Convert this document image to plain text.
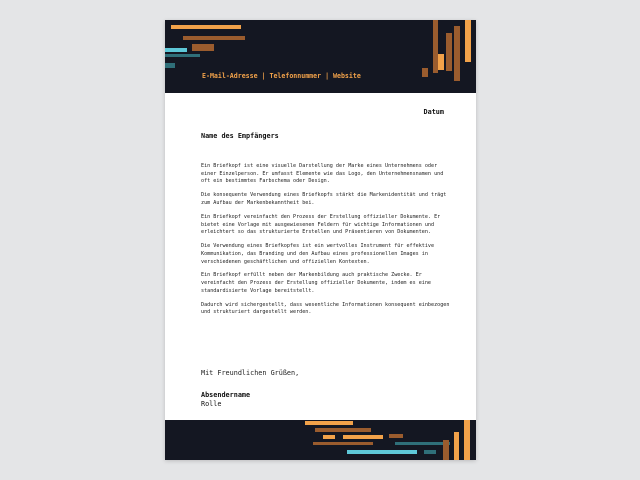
E-Mail-Adresse | Telefonnummer | Website
Datum
Name des Empfängers

Ein Briefkopf ist eine visuelle Darstellung der Marke eines Unternehmens oder einer Einzelperson. Er umfasst Elemente wie das Logo, den Unternehmensnamen und oft ein bestimmtes Farbschema oder Design.

Die konsequente Verwendung eines Briefkopfs stärkt die Markenidentität und trägt zum Aufbau der Markenbekanntheit bei.

Ein Briefkopf vereinfacht den Prozess der Erstellung offizieller Dokumente. Er bietet eine Vorlage mit ausgewiesenen Feldern für wichtige Informationen und erleichtert so das strukturierte Erstellen und Präsentieren von Dokumenten.

Die Verwendung eines Briefkopfes ist ein wertvolles Instrument für effektive Kommunikation, das Branding und den Aufbau eines professionellen Images in verschiedenen geschäftlichen und offiziellen Kontexten.

Ein Briefkopf erfüllt neben der Markenbildung auch praktische Zwecke. Er vereinfacht den Prozess der Erstellung offizieller Dokumente, indem es eine standardisierte Vorlage bereitstellt.

Dadurch wird sichergestellt, dass wesentliche Informationen konsequent einbezogen und strukturiert dargestellt werden.

Mit Freundlichen Grüßen,
Absendername
Rolle
